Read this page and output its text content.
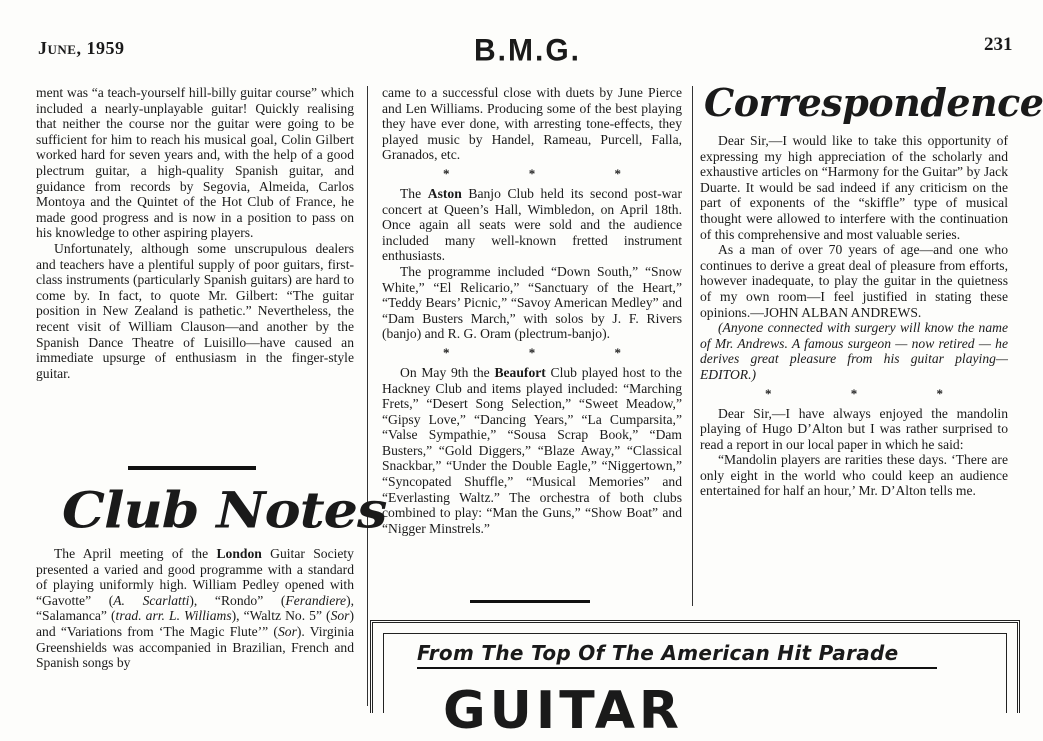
June, 1959	B.M.G.	231

ment was “a teach-yourself hill-billy guitar course” which included a nearly-unplayable guitar! Quickly realising that neither the course nor the guitar were going to be sufficient for him to reach his musical goal, Colin Gilbert worked hard for seven years and, with the help of a good plectrum guitar, a high-quality Spanish guitar, and guidance from records by Segovia, Almeida, Carlos Montoya and the Quintet of the Hot Club of France, he made good progress and is now in a position to pass on his knowledge to other aspiring players.

Unfortunately, although some unscrupulous dealers and teachers have a plentiful supply of poor guitars, first-class instruments (particularly Spanish guitars) are hard to come by. In fact, to quote Mr. Gilbert: “The guitar position in New Zealand is pathetic.” Nevertheless, the recent visit of William Clauson—and another by the Spanish Dance Theatre of Luisillo—have caused an immediate upsurge of enthusiasm in the finger-style guitar.

Club Notes

The April meeting of the London Guitar Society presented a varied and good programme with a standard of playing uniformly high. William Pedley opened with “Gavotte” (A. Scarlatti), “Rondo” (Ferandiere), “Salamanca” (trad. arr. L. Williams), “Waltz No. 5” (Sor) and “Variations from ‘The Magic Flute’” (Sor). Virginia Greenshields was accompanied in Brazilian, French and Spanish songs by

came to a successful close with duets by June Pierce and Len Williams. Producing some of the best playing they have ever done, with arresting tone-effects, they played music by Handel, Rameau, Purcell, Falla, Granados, etc.

* * *

The Aston Banjo Club held its second post-war concert at Queen’s Hall, Wimbledon, on April 18th. Once again all seats were sold and the audience included many well-known fretted instrument enthusiasts.

The programme included “Down South,” “Snow White,” “El Relicario,” “Sanctuary of the Heart,” “Teddy Bears’ Picnic,” “Savoy American Medley” and “Dam Busters March,” with solos by J. F. Rivers (banjo) and R. G. Oram (plectrum-banjo).

* * *

On May 9th the Beaufort Club played host to the Hackney Club and items played included: “Marching Frets,” “Desert Song Selection,” “Sweet Meadow,” “Gipsy Love,” “Dancing Years,” “La Cumparsita,” “Valse Sympathie,” “Sousa Scrap Book,” “Dam Busters,” “Gold Diggers,” “Blaze Away,” “Classical Snackbar,” “Under the Double Eagle,” “Niggertown,” “Syncopated Shuffle,” “Musical Memories” and “Everlasting Waltz.” The orchestra of both clubs combined to play: “Man the Guns,” “Show Boat” and “Nigger Minstrels.”

Correspondence

Dear Sir,—I would like to take this opportunity of expressing my high appreciation of the scholarly and exhaustive articles on “Harmony for the Guitar” by Jack Duarte. It would be sad indeed if any criticism on the part of exponents of the “skiffle” type of musical thought were allowed to interfere with the continuation of this comprehensive and most valuable series.

As a man of over 70 years of age—and one who continues to derive a great deal of pleasure from efforts, however inadequate, to play the guitar in the quietness of my own room—I feel justified in stating these opinions.—JOHN ALBAN ANDREWS.

(Anyone connected with surgery will know the name of Mr. Andrews. A famous surgeon — now retired — he derives great pleasure from his guitar playing—EDITOR.)

* * *

Dear Sir,—I have always enjoyed the mandolin playing of Hugo D’Alton but I was rather surprised to read a report in our local paper in which he said:

“Mandolin players are rarities these days. ‘There are only eight in the world who could keep an audience entertained for half an hour,’ Mr. D’Alton tells me.

From The Top Of The American Hit Parade
GUITAR
